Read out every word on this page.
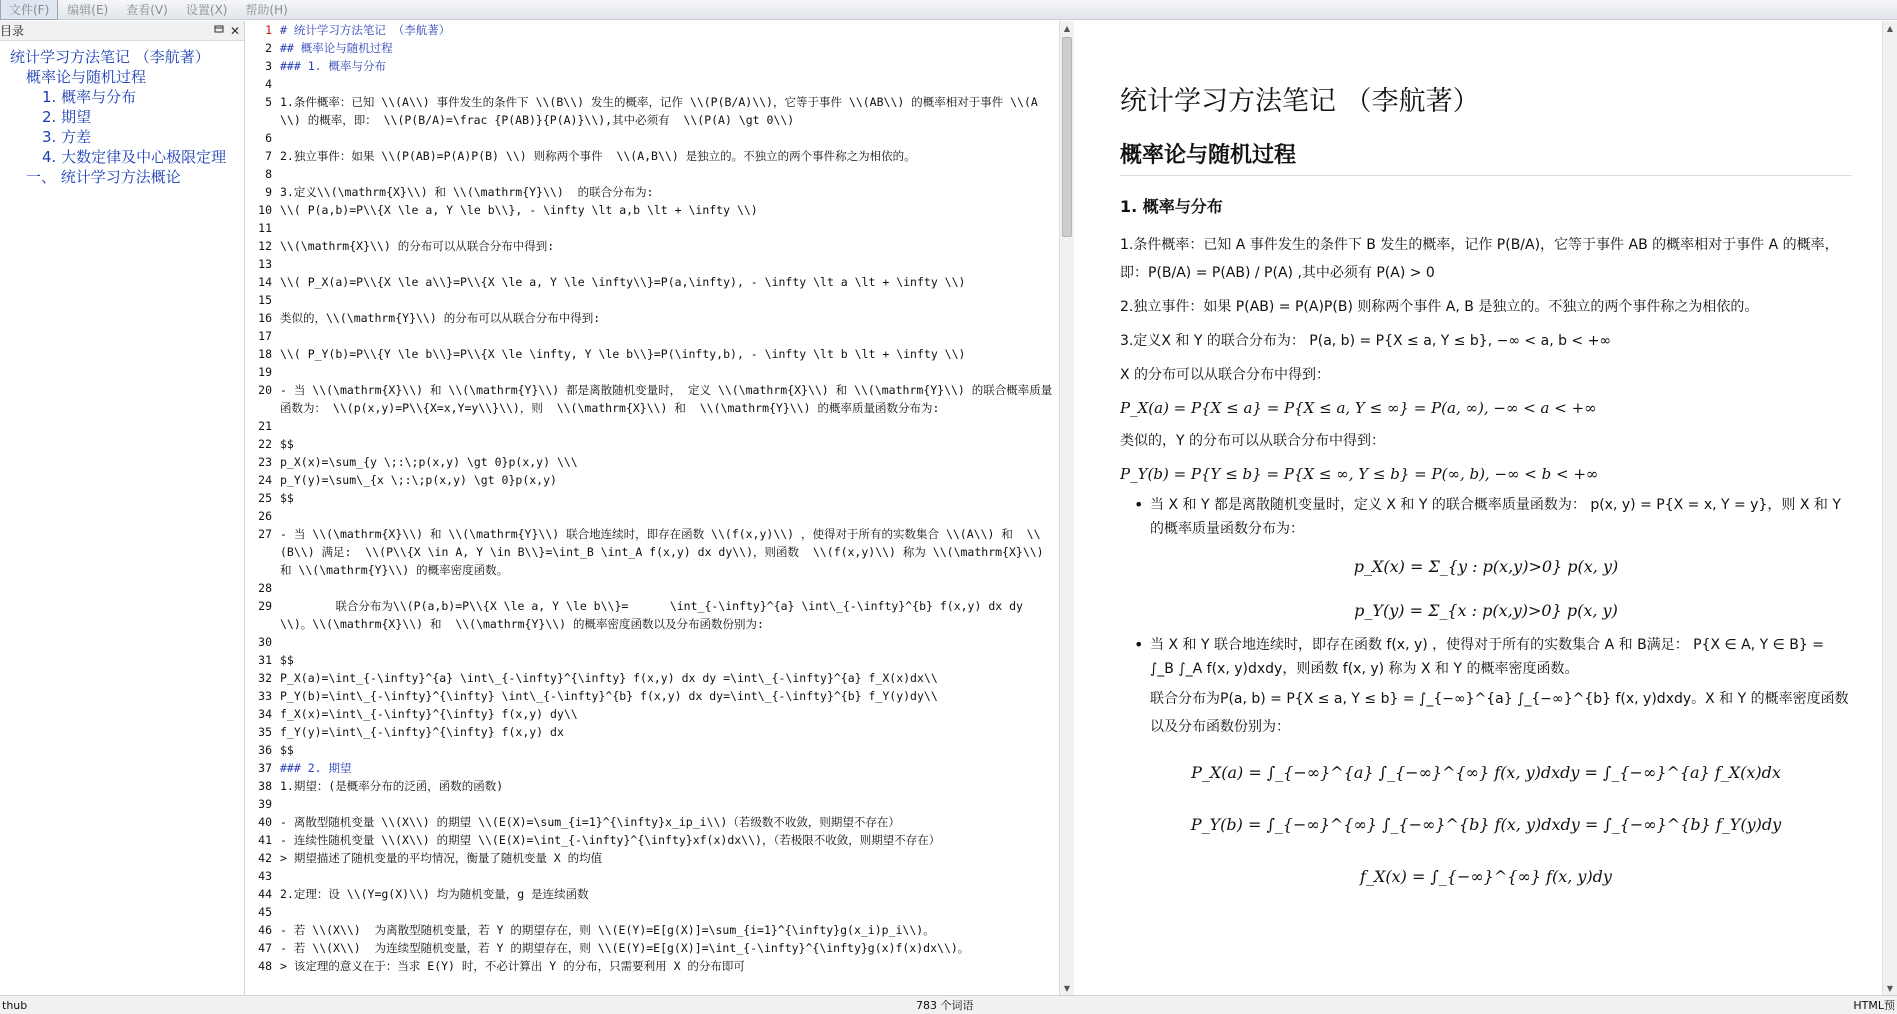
文件(F)	编辑(E)	查看(V)	设置(X)	帮助(H)
目录	✕
统计学习方法笔记 （李航著）
概率论与随机过程
1. 概率与分布
2. 期望
3. 方差
4. 大数定律及中心极限定理
一、 统计学习方法概论
1 # 统计学习方法笔记 （李航著）
2 ## 概率论与随机过程
3 ### 1. 概率与分布
4
5 1.条件概率：已知 \\(A\\) 事件发生的条件下 \\(B\\) 发生的概率，记作 \\(P(B/A)\\)，它等于事件 \\(AB\\) 的概率相对于事件 \\(A\\) 的概率，即： \\(P(B/A)=\frac {P(AB)}{P(A)}\\),其中必须有  \\(P(A) \gt 0\\)
6
7 2.独立事件：如果 \\(P(AB)=P(A)P(B) \\) 则称两个事件  \\(A,B\\) 是独立的。不独立的两个事件称之为相依的。
8
9 3.定义\\(\mathrm{X}\\) 和 \\(\mathrm{Y}\\)  的联合分布为:
10 \\( P(a,b)=P\\{X \le a, Y \le b\\}, - \infty \lt a,b \lt + \infty \\)
11
12 \\(\mathrm{X}\\) 的分布可以从联合分布中得到:
13
14 \\( P_X(a)=P\\{X \le a\\}=P\\{X \le a, Y \le \infty\\}=P(a,\infty), - \infty \lt a \lt + \infty \\)
15
16 类似的，\\(\mathrm{Y}\\) 的分布可以从联合分布中得到:
17
18 \\( P_Y(b)=P\\{Y \le b\\}=P\\{X \le \infty, Y \le b\\}=P(\infty,b), - \infty \lt b \lt + \infty \\)
19
20 - 当 \\(\mathrm{X}\\) 和 \\(\mathrm{Y}\\) 都是离散随机变量时， 定义 \\(\mathrm{X}\\) 和 \\(\mathrm{Y}\\) 的联合概率质量函数为： \\(p(x,y)=P\\{X=x,Y=y\\}\\)，则  \\(\mathrm{X}\\) 和  \\(\mathrm{Y}\\) 的概率质量函数分布为:
21
22 $$
23 p_X(x)=\sum_{y \;:\;p(x,y) \gt 0}p(x,y) \\\
24 p_Y(y)=\sum\_{x \;:\;p(x,y) \gt 0}p(x,y)
25 $$
26
27 - 当 \\(\mathrm{X}\\) 和 \\(\mathrm{Y}\\) 联合地连续时，即存在函数 \\(f(x,y)\\) ，使得对于所有的实数集合 \\(A\\) 和  \\(B\\) 满足:  \\(P\\{X \in A, Y \in B\\}=\int_B \int_A f(x,y) dx dy\\)，则函数  \\(f(x,y)\\) 称为 \\(\mathrm{X}\\) 和 \\(\mathrm{Y}\\) 的概率密度函数。
28
29 联合分布为\\(P(a,b)=P\\{X \le a, Y \le b\\}=      \int_{-\infty}^{a} \int\_{-\infty}^{b} f(x,y) dx dy\\)。\\(\mathrm{X}\\) 和  \\(\mathrm{Y}\\) 的概率密度函数以及分布函数份别为:
30
31 $$
32 P_X(a)=\int_{-\infty}^{a} \int\_{-\infty}^{\infty} f(x,y) dx dy =\int\_{-\infty}^{a} f_X(x)dx\\
33 P_Y(b)=\int\_{-\infty}^{\infty} \int\_{-\infty}^{b} f(x,y) dx dy=\int\_{-\infty}^{b} f_Y(y)dy\\
34 f_X(x)=\int\_{-\infty}^{\infty} f(x,y) dy\\
35 f_Y(y)=\int\_{-\infty}^{\infty} f(x,y) dx
36 $$
37 ### 2. 期望
38 1.期望：(是概率分布的泛函，函数的函数)
39
40 - 离散型随机变量 \\(X\\) 的期望 \\(E(X)=\sum_{i=1}^{\infty}x_ip_i\\)（若级数不收敛，则期望不存在）
41 - 连续性随机变量 \\(X\\) 的期望 \\(E(X)=\int_{-\infty}^{\infty}xf(x)dx\\)，（若极限不收敛，则期望不存在）
42 > 期望描述了随机变量的平均情况，衡量了随机变量 X 的均值
43
44 2.定理：设 \\(Y=g(X)\\) 均为随机变量，g 是连续函数
45
46 - 若 \\(X\\)  为离散型随机变量，若 Y 的期望存在，则 \\(E(Y)=E[g(X)]=\sum_{i=1}^{\infty}g(x_i)p_i\\)。
47 - 若 \\(X\\)  为连续型随机变量，若 Y 的期望存在，则 \\(E(Y)=E[g(X)]=\int_{-\infty}^{\infty}g(x)f(x)dx\\)。
48 > 该定理的意义在于：当求 E(Y) 时，不必计算出 Y 的分布，只需要利用 X 的分布即可
▲
▼
统计学习方法笔记 （李航著）
概率论与随机过程
1. 概率与分布
1.条件概率：已知 A 事件发生的条件下 B 发生的概率，记作 P(B/A)，它等于事件 AB 的概率相对于事件 A 的概率，即：P(B/A) = P(AB) / P(A) ,其中必须有 P(A) > 0
2.独立事件：如果 P(AB) = P(A)P(B) 则称两个事件 A, B 是独立的。不独立的两个事件称之为相依的。
3.定义X 和 Y 的联合分布为： P(a, b) = P{X ≤ a, Y ≤ b}, −∞ < a, b < +∞
X 的分布可以从联合分布中得到：
P_X(a) = P{X ≤ a} = P{X ≤ a, Y ≤ ∞} = P(a, ∞), −∞ < a < +∞
类似的，Y 的分布可以从联合分布中得到：
P_Y(b) = P{Y ≤ b} = P{X ≤ ∞, Y ≤ b} = P(∞, b), −∞ < b < +∞
• 当 X 和 Y 都是离散随机变量时，定义 X 和 Y 的联合概率质量函数为： p(x, y) = P{X = x, Y = y}，则 X 和 Y 的概率质量函数分布为：
p_X(x) = Σ_{y : p(x,y)>0} p(x, y)
p_Y(y) = Σ_{x : p(x,y)>0} p(x, y)
• 当 X 和 Y 联合地连续时，即存在函数 f(x, y) ，使得对于所有的实数集合 A 和 B满足： P{X ∈ A, Y ∈ B} = ∫_B ∫_A f(x, y)dxdy，则函数 f(x, y) 称为 X 和 Y 的概率密度函数。
联合分布为P(a, b) = P{X ≤ a, Y ≤ b} = ∫_{−∞}^{a} ∫_{−∞}^{b} f(x, y)dxdy。X 和 Y 的概率密度函数以及分布函数份别为：
P_X(a) = ∫_{−∞}^{a} ∫_{−∞}^{∞} f(x, y)dxdy = ∫_{−∞}^{a} f_X(x)dx
P_Y(b) = ∫_{−∞}^{∞} ∫_{−∞}^{b} f(x, y)dxdy = ∫_{−∞}^{b} f_Y(y)dy
f_X(x) = ∫_{−∞}^{∞} f(x, y)dy
▲
▼
thub	783 个词语	HTML预
